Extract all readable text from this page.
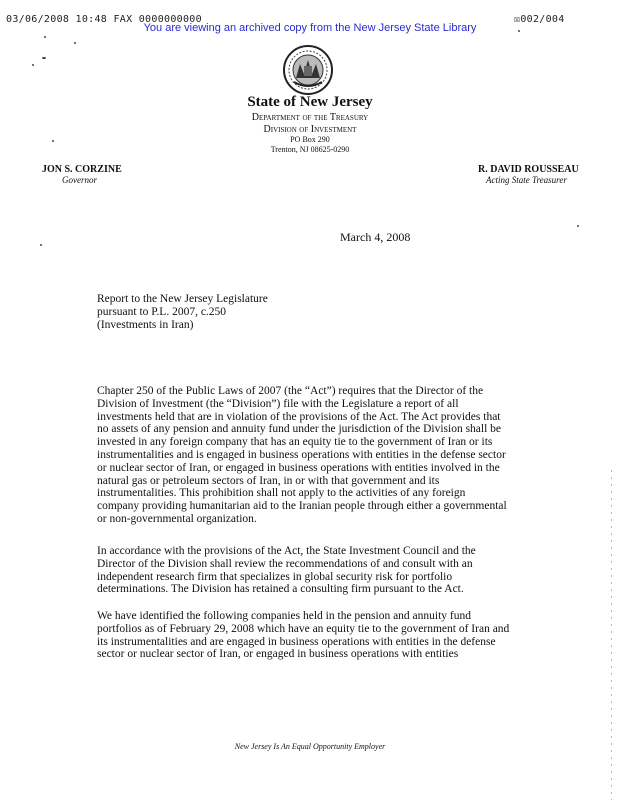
03/06/2008 10:48 FAX 0000000000	☒002/004
You are viewing an archived copy from the New Jersey State Library
State of New Jersey
Department of the Treasury
Division of Investment
PO Box 290
Trenton, NJ 08625-0290
JON S. CORZINE
Governor
R. DAVID ROUSSEAU
Acting State Treasurer
March 4, 2008
Report to the New Jersey Legislature
pursuant to P.L. 2007, c.250
(Investments in Iran)
Chapter 250 of the Public Laws of 2007 (the “Act”) requires that the Director of the
Division of Investment (the “Division”) file with the Legislature a report of all
investments held that are in violation of the provisions of the Act. The Act provides that
no assets of any pension and annuity fund under the jurisdiction of the Division shall be
invested in any foreign company that has an equity tie to the government of Iran or its
instrumentalities and is engaged in business operations with entities in the defense sector
or nuclear sector of Iran, or engaged in business operations with entities involved in the
natural gas or petroleum sectors of Iran, in or with that government and its
instrumentalities. This prohibition shall not apply to the activities of any foreign
company providing humanitarian aid to the Iranian people through either a governmental
or non-governmental organization.
In accordance with the provisions of the Act, the State Investment Council and the
Director of the Division shall review the recommendations of and consult with an
independent research firm that specializes in global security risk for portfolio
determinations. The Division has retained a consulting firm pursuant to the Act.
We have identified the following companies held in the pension and annuity fund
portfolios as of February 29, 2008 which have an equity tie to the government of Iran and
its instrumentalities and are engaged in business operations with entities in the defense
sector or nuclear sector of Iran, or engaged in business operations with entities
New Jersey Is An Equal Opportunity Employer
